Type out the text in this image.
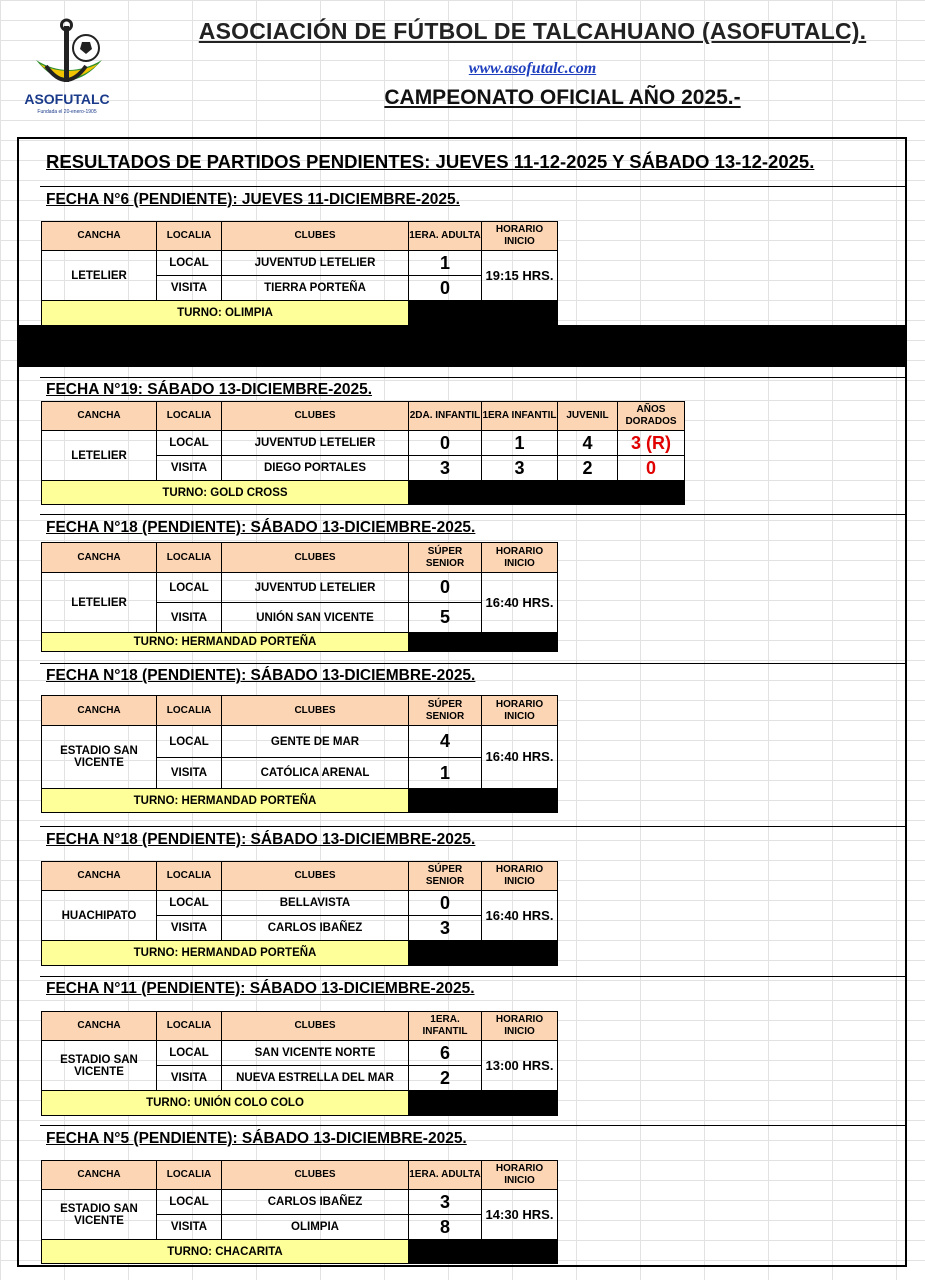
ASOFUTALC
Fundada el 20-enero-1905
ASOCIACIÓN DE FÚTBOL DE TALCAHUANO (ASOFUTALC).
www.asofutalc.com
CAMPEONATO OFICIAL AÑO 2025.-
RESULTADOS DE PARTIDOS PENDIENTES: JUEVES 11-12-2025 Y SÁBADO 13-12-2025.
FECHA N°6 (PENDIENTE): JUEVES 11-DICIEMBRE-2025.
CANCHA	LOCALIA	CLUBES	1ERA. ADULTA	HORARIO INICIO
LETELIER	LOCAL	JUVENTUD LETELIER	1	19:15 HRS.
	VISITA	TIERRA PORTEÑA	0	
TURNO: OLIMPIA				
FECHA N°19: SÁBADO 13-DICIEMBRE-2025.
CANCHA	LOCALIA	CLUBES	2DA. INFANTIL	1ERA INFANTIL	JUVENIL	AÑOS DORADOS
LETELIER	LOCAL	JUVENTUD LETELIER	0	1	4	3 (R)
	VISITA	DIEGO PORTALES	3	3	2	0
TURNO: GOLD CROSS						
FECHA N°18 (PENDIENTE): SÁBADO 13-DICIEMBRE-2025.
CANCHA	LOCALIA	CLUBES	SÚPER SENIOR	HORARIO INICIO
LETELIER	LOCAL	JUVENTUD LETELIER	0	16:40 HRS.
	VISITA	UNIÓN SAN VICENTE	5	
TURNO: HERMANDAD PORTEÑA				
FECHA N°18 (PENDIENTE): SÁBADO 13-DICIEMBRE-2025.
CANCHA	LOCALIA	CLUBES	SÚPER SENIOR	HORARIO INICIO
ESTADIO SAN VICENTE	LOCAL	GENTE DE MAR	4	16:40 HRS.
	VISITA	CATÓLICA ARENAL	1	
TURNO: HERMANDAD PORTEÑA				
FECHA N°18 (PENDIENTE): SÁBADO 13-DICIEMBRE-2025.
CANCHA	LOCALIA	CLUBES	SÚPER SENIOR	HORARIO INICIO
HUACHIPATO	LOCAL	BELLAVISTA	0	16:40 HRS.
	VISITA	CARLOS IBAÑEZ	3	
TURNO: HERMANDAD PORTEÑA				
FECHA N°11 (PENDIENTE): SÁBADO 13-DICIEMBRE-2025.
CANCHA	LOCALIA	CLUBES	1ERA. INFANTIL	HORARIO INICIO
ESTADIO SAN VICENTE	LOCAL	SAN VICENTE NORTE	6	13:00 HRS.
	VISITA	NUEVA ESTRELLA DEL MAR	2	
TURNO: UNIÓN COLO COLO				
FECHA N°5 (PENDIENTE): SÁBADO 13-DICIEMBRE-2025.
CANCHA	LOCALIA	CLUBES	1ERA. ADULTA	HORARIO INICIO
ESTADIO SAN VICENTE	LOCAL	CARLOS IBAÑEZ	3	14:30 HRS.
	VISITA	OLIMPIA	8	
TURNO: CHACARITA				
